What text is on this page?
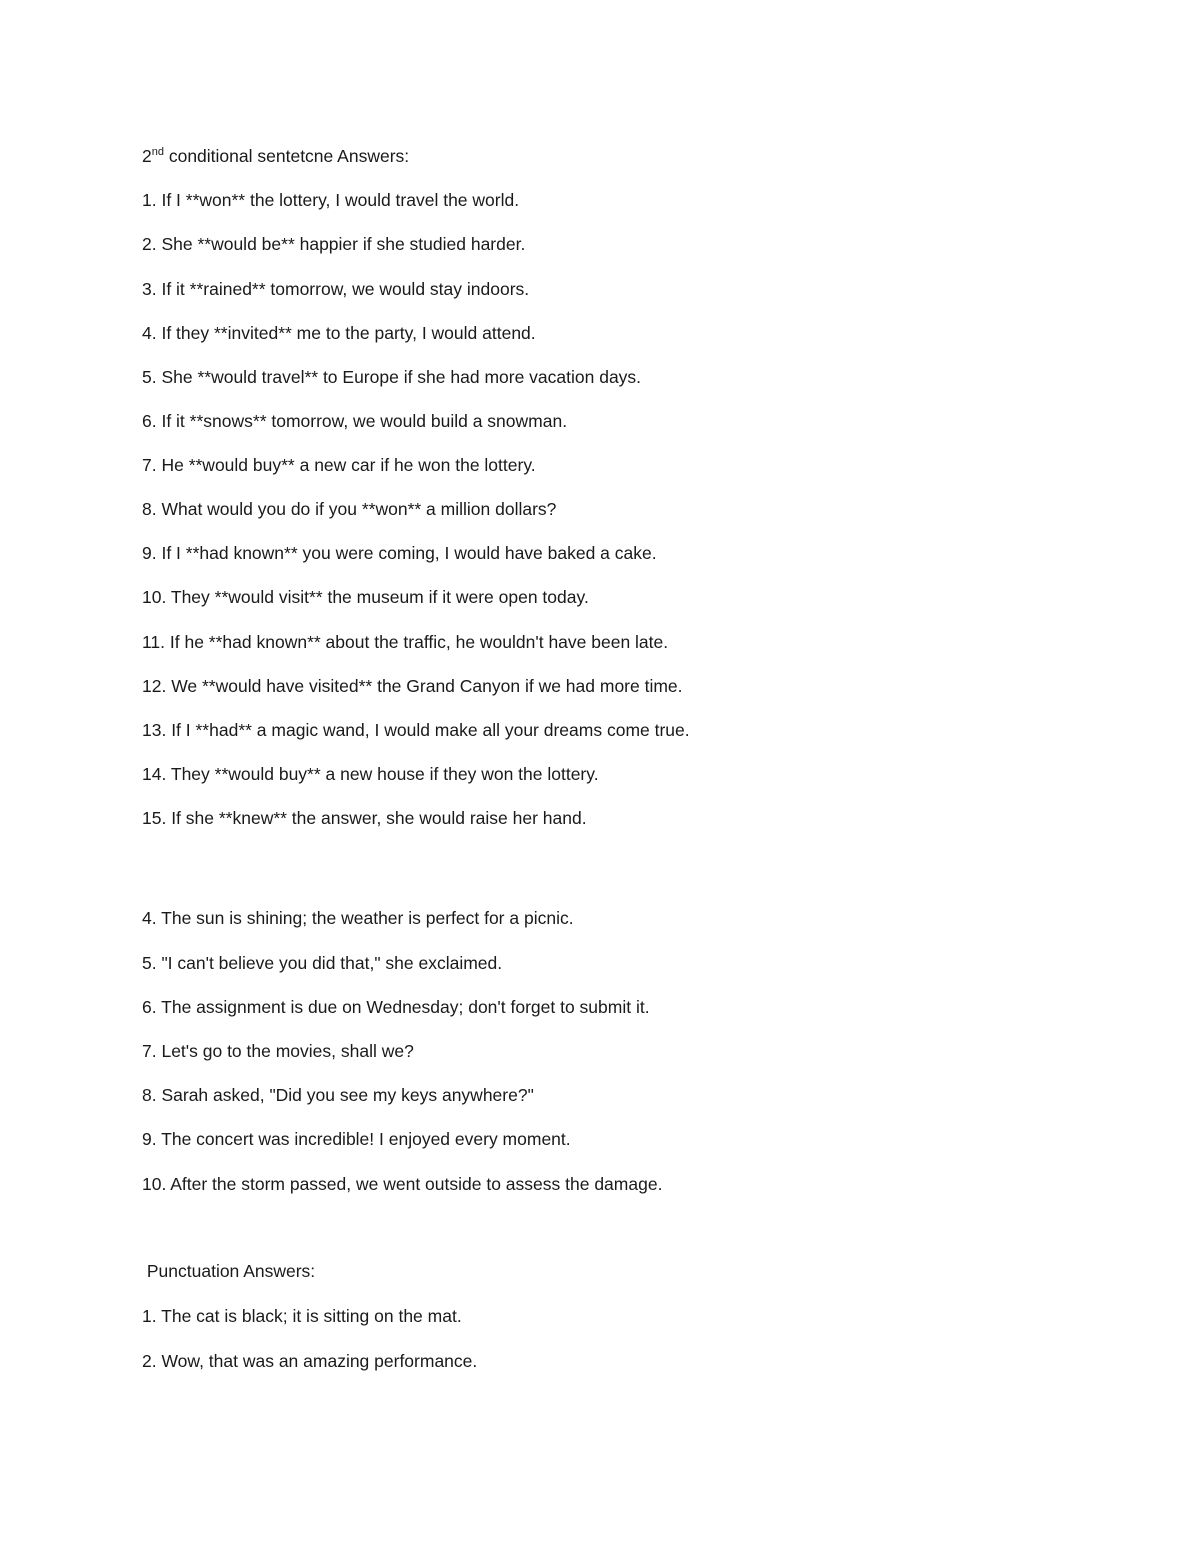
2nd conditional sentetcne Answers:
1. If I **won** the lottery, I would travel the world.
2. She **would be** happier if she studied harder.
3. If it **rained** tomorrow, we would stay indoors.
4. If they **invited** me to the party, I would attend.
5. She **would travel** to Europe if she had more vacation days.
6. If it **snows** tomorrow, we would build a snowman.
7. He **would buy** a new car if he won the lottery.
8. What would you do if you **won** a million dollars?
9. If I **had known** you were coming, I would have baked a cake.
10. They **would visit** the museum if it were open today.
11. If he **had known** about the traffic, he wouldn't have been late.
12. We **would have visited** the Grand Canyon if we had more time.
13. If I **had** a magic wand, I would make all your dreams come true.
14. They **would buy** a new house if they won the lottery.
15. If she **knew** the answer, she would raise her hand.
4. The sun is shining; the weather is perfect for a picnic.
5. "I can't believe you did that," she exclaimed.
6. The assignment is due on Wednesday; don't forget to submit it.
7. Let's go to the movies, shall we?
8. Sarah asked, "Did you see my keys anywhere?"
9. The concert was incredible! I enjoyed every moment.
10. After the storm passed, we went outside to assess the damage.
Punctuation Answers:
1. The cat is black; it is sitting on the mat.
2. Wow, that was an amazing performance.
